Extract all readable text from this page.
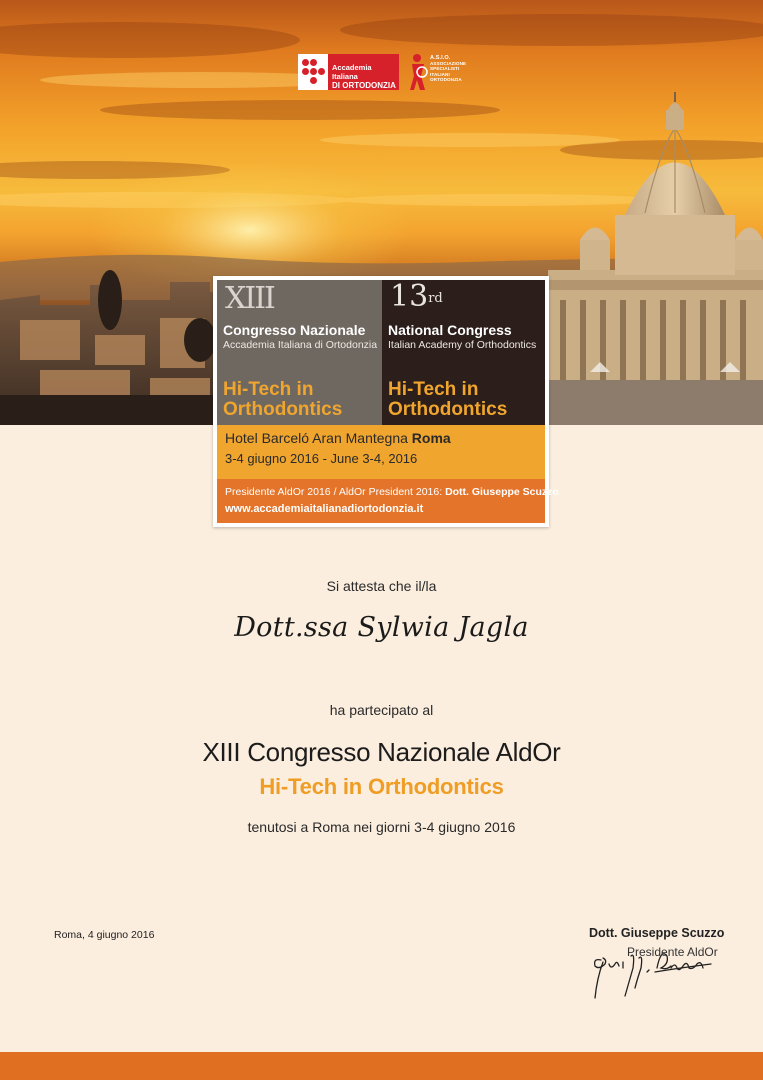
Accademia Italiana
DI ORTODONZIA
A.S.I.O.
ASSOCIAZIONE
SPECIALISTI
ITALIANI
ORTODONZIA
XIII
Congresso Nazionale
Accademia Italiana di Ortodonzia
Hi-Tech in
Orthodontics
13rd
National Congress
Italian Academy of Orthodontics
Hi-Tech in
Orthodontics
Hotel Barceló Aran Mantegna Roma
3-4 giugno 2016 - June 3-4, 2016
Presidente AldOr 2016 / AldOr President 2016: Dott. Giuseppe Scuzzo
www.accademiaitalianadiortodonzia.it
Si attesta che il/la
Dott.ssa Sylwia Jagla
ha partecipato al
XIII Congresso Nazionale AldOr
Hi-Tech in Orthodontics
tenutosi a Roma nei giorni 3-4 giugno 2016
Roma, 4 giugno 2016	Dott. Giuseppe Scuzzo
Presidente AldOr
